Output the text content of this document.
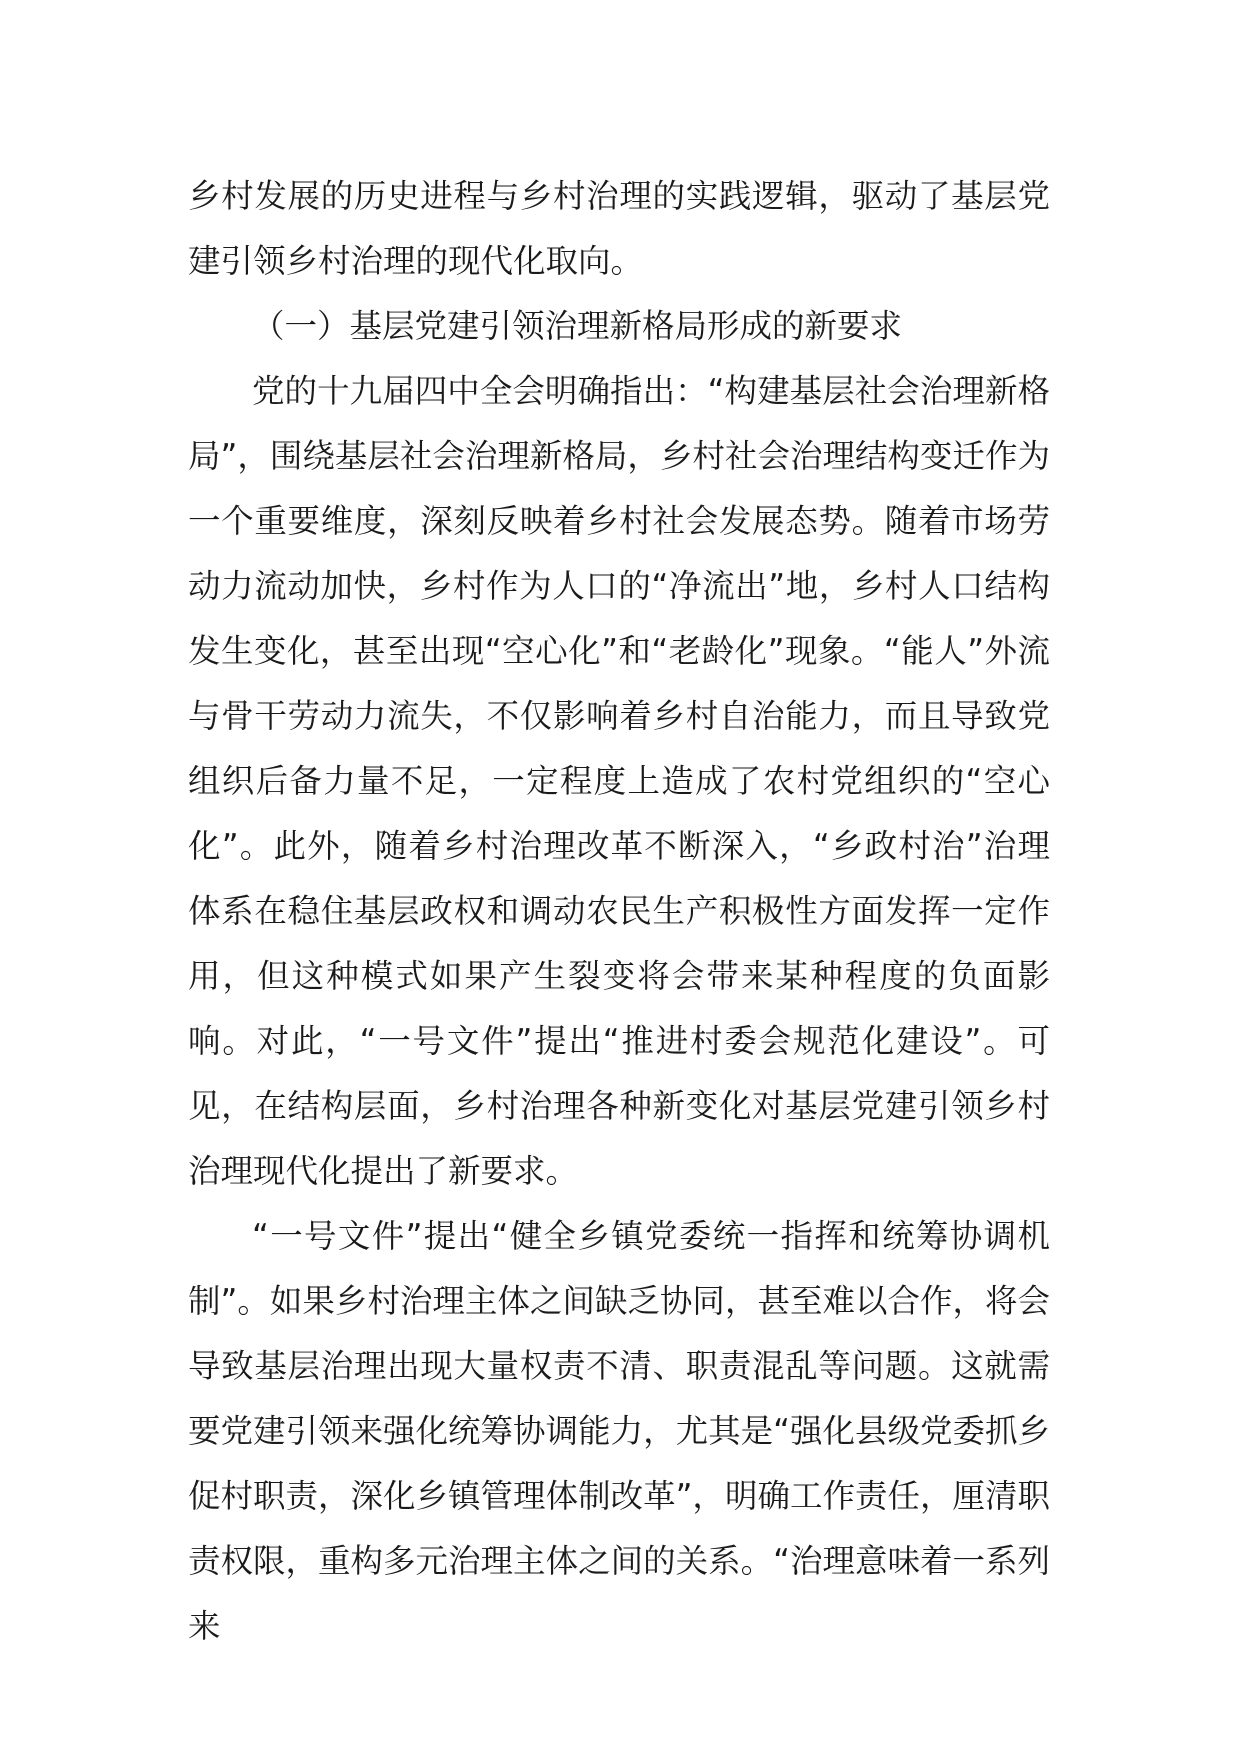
乡村发展的历史进程与乡村治理的实践逻辑，驱动了基层党建引领乡村治理的现代化取向。

（一）基层党建引领治理新格局形成的新要求

党的十九届四中全会明确指出：“构建基层社会治理新格局”，围绕基层社会治理新格局，乡村社会治理结构变迁作为一个重要维度，深刻反映着乡村社会发展态势。随着市场劳动力流动加快，乡村作为人口的“净流出”地，乡村人口结构发生变化，甚至出现“空心化”和“老龄化”现象。“能人”外流与骨干劳动力流失，不仅影响着乡村自治能力，而且导致党组织后备力量不足，一定程度上造成了农村党组织的“空心化”。此外，随着乡村治理改革不断深入，“乡政村治”治理体系在稳住基层政权和调动农民生产积极性方面发挥一定作用，但这种模式如果产生裂变将会带来某种程度的负面影响。对此，“一号文件”提出“推进村委会规范化建设”。可见，在结构层面，乡村治理各种新变化对基层党建引领乡村治理现代化提出了新要求。

“一号文件”提出“健全乡镇党委统一指挥和统筹协调机制”。如果乡村治理主体之间缺乏协同，甚至难以合作，将会导致基层治理出现大量权责不清、职责混乱等问题。这就需要党建引领来强化统筹协调能力，尤其是“强化县级党委抓乡促村职责，深化乡镇管理体制改革”，明确工作责任，厘清职责权限，重构多元治理主体之间的关系。“治理意味着一系列来
